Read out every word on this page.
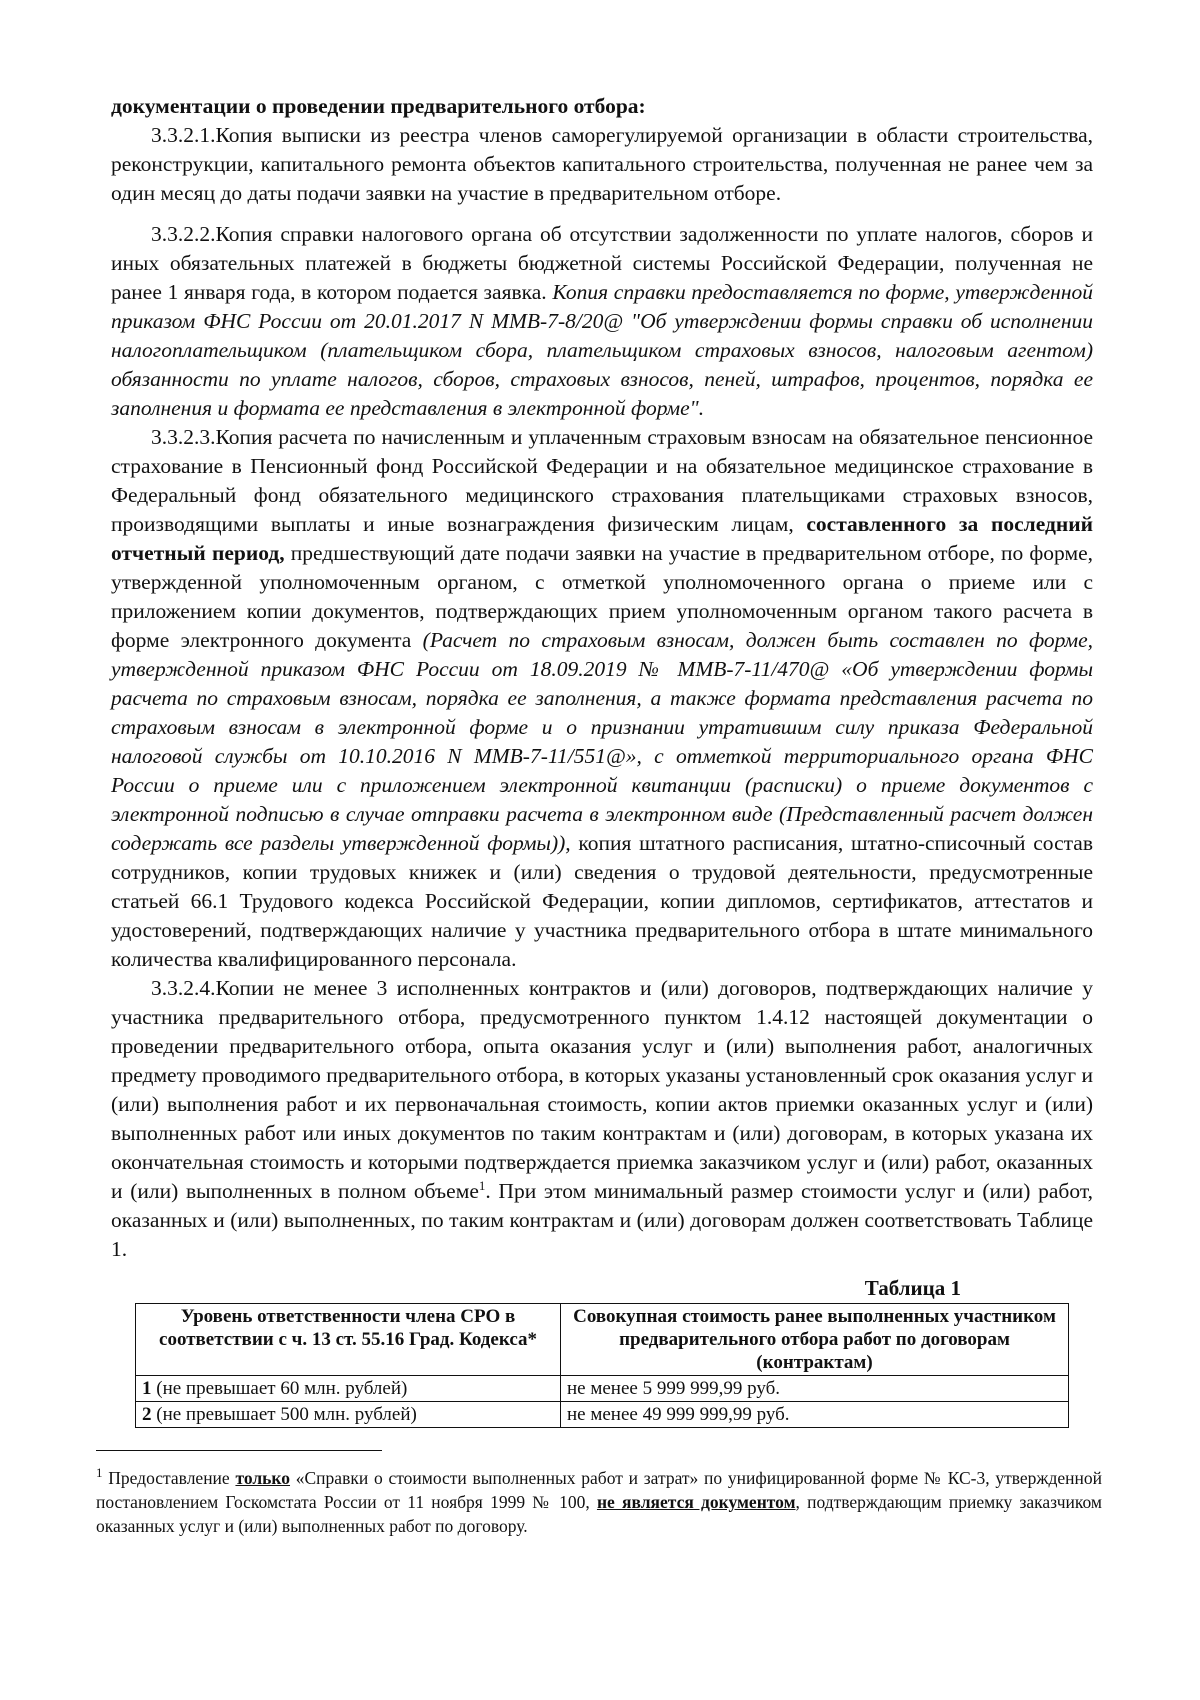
документации о проведении предварительного отбора:

3.3.2.1.Копия выписки из реестра членов саморегулируемой организации в области строительства, реконструкции, капитального ремонта объектов капитального строительства, полученная не ранее чем за один месяц до даты подачи заявки на участие в предварительном отборе.

3.3.2.2.Копия справки налогового органа об отсутствии задолженности по уплате налогов, сборов и иных обязательных платежей в бюджеты бюджетной системы Российской Федерации, полученная не ранее 1 января года, в котором подается заявка. Копия справки предоставляется по форме, утвержденной приказом ФНС России от 20.01.2017 N ММВ-7-8/20@ "Об утверждении формы справки об исполнении налогоплательщиком (плательщиком сбора, плательщиком страховых взносов, налоговым агентом) обязанности по уплате налогов, сборов, страховых взносов, пеней, штрафов, процентов, порядка ее заполнения и формата ее представления в электронной форме".

3.3.2.3.Копия расчета по начисленным и уплаченным страховым взносам на обязательное пенсионное страхование в Пенсионный фонд Российской Федерации и на обязательное медицинское страхование в Федеральный фонд обязательного медицинского страхования плательщиками страховых взносов, производящими выплаты и иные вознаграждения физическим лицам, составленного за последний отчетный период, предшествующий дате подачи заявки на участие в предварительном отборе, по форме, утвержденной уполномоченным органом, с отметкой уполномоченного органа о приеме или с приложением копии документов, подтверждающих прием уполномоченным органом такого расчета в форме электронного документа (Расчет по страховым взносам, должен быть составлен по форме, утвержденной приказом ФНС России от 18.09.2019 № ММВ-7-11/470@ «Об утверждении формы расчета по страховым взносам, порядка ее заполнения, а также формата представления расчета по страховым взносам в электронной форме и о признании утратившим силу приказа Федеральной налоговой службы от 10.10.2016 N ММВ-7-11/551@», с отметкой территориального органа ФНС России о приеме или с приложением электронной квитанции (расписки) о приеме документов с электронной подписью в случае отправки расчета в электронном виде (Представленный расчет должен содержать все разделы утвержденной формы)), копия штатного расписания, штатно-списочный состав сотрудников, копии трудовых книжек и (или) сведения о трудовой деятельности, предусмотренные статьей 66.1 Трудового кодекса Российской Федерации, копии дипломов, сертификатов, аттестатов и удостоверений, подтверждающих наличие у участника предварительного отбора в штате минимального количества квалифицированного персонала.

3.3.2.4.Копии не менее 3 исполненных контрактов и (или) договоров, подтверждающих наличие у участника предварительного отбора, предусмотренного пунктом 1.4.12 настоящей документации о проведении предварительного отбора, опыта оказания услуг и (или) выполнения работ, аналогичных предмету проводимого предварительного отбора, в которых указаны установленный срок оказания услуг и (или) выполнения работ и их первоначальная стоимость, копии актов приемки оказанных услуг и (или) выполненных работ или иных документов по таким контрактам и (или) договорам, в которых указана их окончательная стоимость и которыми подтверждается приемка заказчиком услуг и (или) работ, оказанных и (или) выполненных в полном объеме$^1$. При этом минимальный размер стоимости услуг и (или) работ, оказанных и (или) выполненных, по таким контрактам и (или) договорам должен соответствовать Таблице 1.

Таблица 1
Уровень ответственности члена СРО в соответствии с ч. 13 ст. 55.16 Град. Кодекса*	Совокупная стоимость ранее выполненных участником предварительного отбора работ по договорам (контрактам)
1 (не превышает 60 млн. рублей)	не менее 5 999 999,99 руб.
2 (не превышает 500 млн. рублей)	не менее 49 999 999,99 руб.
$^1$ Предоставление только «Справки о стоимости выполненных работ и затрат» по унифицированной форме № КС-3, утвержденной постановлением Госкомстата России от 11 ноября 1999 № 100, не является документом, подтверждающим приемку заказчиком оказанных услуг и (или) выполненных работ по договору.
